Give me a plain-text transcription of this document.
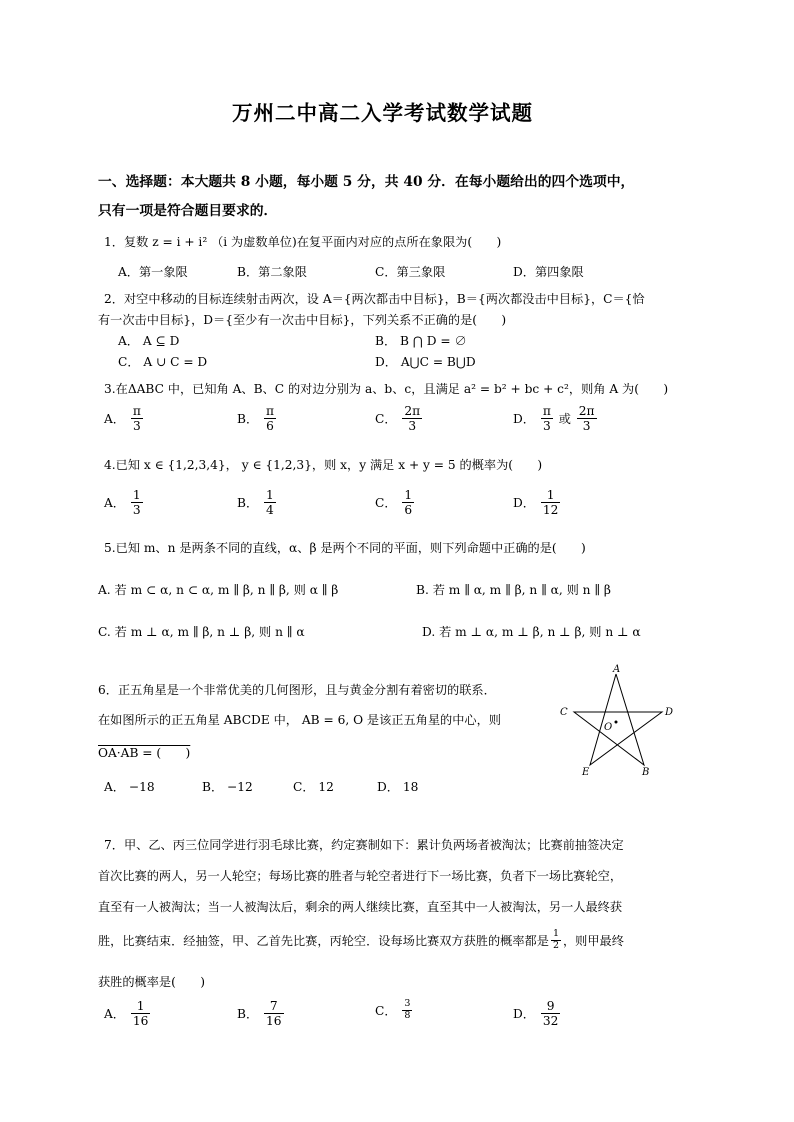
万州二中高二入学考试数学试题
一、选择题：本大题共 8 小题，每小题 5 分，共 40 分．在每小题给出的四个选项中，
只有一项是符合题目要求的．
1．复数 z = i + i² （i 为虚数单位)在复平面内对应的点所在象限为(　　)
A．第一象限	B．第二象限	C．第三象限	D．第四象限
2．对空中移动的目标连续射击两次，设 A＝{两次都击中目标}，B＝{两次都没击中目标}，C＝{恰
有一次击中目标}，D＝{至少有一次击中目标}，下列关系不正确的是(　　)
A． A ⊆ D	B． B ⋂ D = ∅
C． A ∪ C = D	D． A⋃C = B⋃D
3.在ΔABC 中，已知角 A、B、C 的对边分别为 a、b、c，且满足 a² = b² + bc + c²，则角 A 为(　　)
A． $\frac{\pi}{3}$	B． $\frac{\pi}{6}$	C． $\frac{2\pi}{3}$	D． $\frac{\pi}{3}$ 或 $\frac{2\pi}{3}$
4.已知 x ∈ {1,2,3,4}， y ∈ {1,2,3}，则 x，y 满足 x + y = 5 的概率为(　　)
A． $\frac{1}{3}$	B． $\frac{1}{4}$	C． $\frac{1}{6}$	D． $\frac{1}{12}$
5.已知 m、n 是两条不同的直线，α、β 是两个不同的平面，则下列命题中正确的是(　　)
A. 若 m ⊂ α, n ⊂ α, m ∥ β, n ∥ β, 则 α ∥ β	B. 若 m ∥ α, m ∥ β, n ∥ α, 则 n ∥ β
C. 若 m ⊥ α, m ∥ β, n ⊥ β, 则 n ∥ α	D. 若 m ⊥ α, m ⊥ β, n ⊥ β, 则 n ⊥ α
6．正五角星是一个非常优美的几何图形，且与黄金分割有着密切的联系．
在如图所示的正五角星 ABCDE 中， AB = 6, O 是该正五角星的中心，则
OA·AB = (　　)
A． −18	B． −12	C． 12	D． 18
A
B
C	D
E
O
7．甲、乙、丙三位同学进行羽毛球比赛，约定赛制如下：累计负两场者被淘汰；比赛前抽签决定
首次比赛的两人，另一人轮空；每场比赛的胜者与轮空者进行下一场比赛，负者下一场比赛轮空，
直至有一人被淘汰；当一人被淘汰后，剩余的两人继续比赛，直至其中一人被淘汰，另一人最终获
胜，比赛结束．经抽签，甲、乙首先比赛，丙轮空．设每场比赛双方获胜的概率都是 $\frac{1}{2}$ ，则甲最终
获胜的概率是(　　)
A． $\frac{1}{16}$	B． $\frac{7}{16}$	C． $\frac{3}{8}$	D． $\frac{9}{32}$
